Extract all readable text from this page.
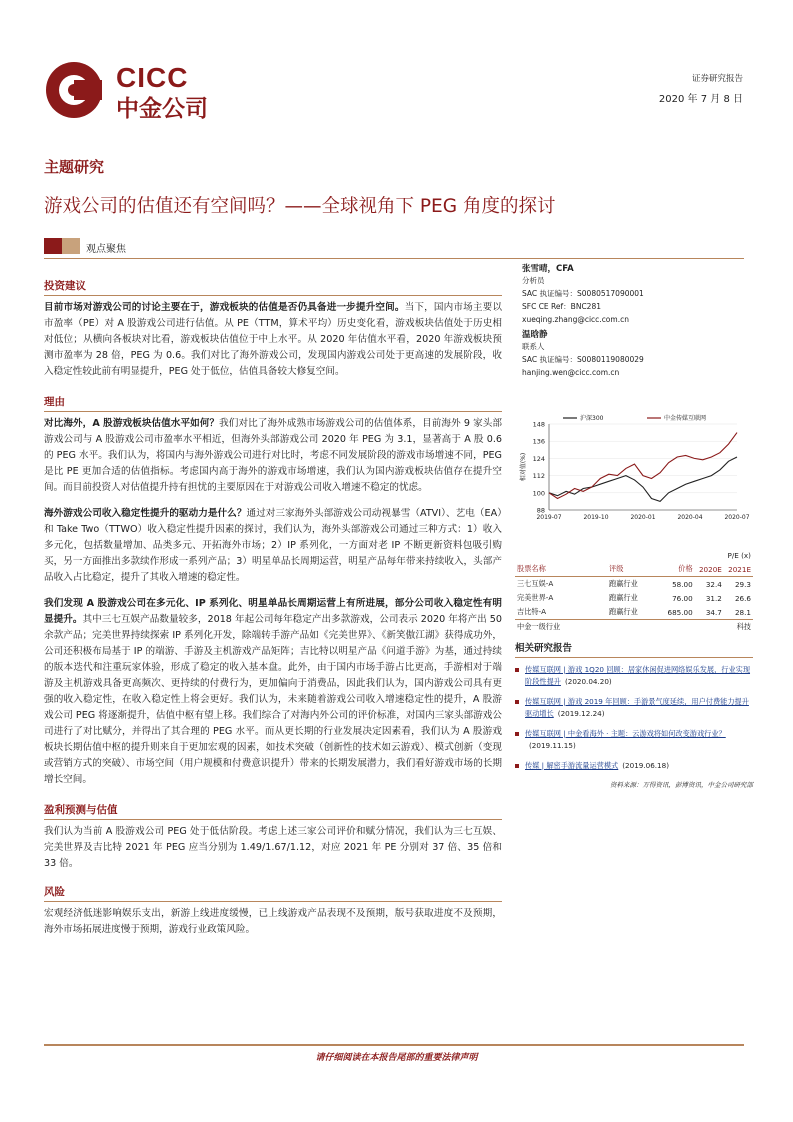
CICC
中金公司
证券研究报告
2020 年 7 月 8 日
主题研究
游戏公司的估值还有空间吗？——全球视角下 PEG 角度的探讨
观点聚焦
投资建议
目前市场对游戏公司的讨论主要在于，游戏板块的估值是否仍具备进一步提升空间。当下，国内市场主要以市盈率（PE）对 A 股游戏公司进行估值。从 PE（TTM，算术平均）历史变化看，游戏板块估值处于历史相对低位；从横向各板块对比看，游戏板块估值位于中上水平。从 2020 年估值水平看，2020 年游戏板块预测市盈率为 28 倍，PEG 为 0.6。我们对比了海外游戏公司，发现国内游戏公司处于更高速的发展阶段，收入稳定性较此前有明显提升，PEG 处于低位，估值具备较大修复空间。
理由
对比海外，A 股游戏板块估值水平如何？我们对比了海外成熟市场游戏公司的估值体系，目前海外 9 家头部游戏公司与 A 股游戏公司市盈率水平相近，但海外头部游戏公司 2020 年 PEG 为 3.1，显著高于 A 股 0.6 的 PEG 水平。我们认为，将国内与海外游戏公司进行对比时，考虑不同发展阶段的游戏市场增速不同，PEG 是比 PE 更加合适的估值指标。考虑国内高于海外的游戏市场增速，我们认为国内游戏板块估值存在提升空间。而目前投资人对估值提升持有担忧的主要原因在于对游戏公司收入增速不稳定的忧虑。
海外游戏公司收入稳定性提升的驱动力是什么？通过对三家海外头部游戏公司动视暴雪（ATVI）、艺电（EA）和 Take Two（TTWO）收入稳定性提升因素的探讨，我们认为，海外头部游戏公司通过三种方式：1）收入多元化，包括数量增加、品类多元、开拓海外市场；2）IP 系列化，一方面对老 IP 不断更新资料包吸引购买，另一方面推出多款续作形成一系列产品；3）明星单品长周期运营，明星产品每年带来持续收入，头部产品收入占比稳定，提升了其收入增速的稳定性。
我们发现 A 股游戏公司在多元化、IP 系列化、明星单品长周期运营上有所进展，部分公司收入稳定性有明显提升。其中三七互娱产品数量较多，2018 年起公司每年稳定产出多款游戏，公司表示 2020 年将产出 50 余款产品；完美世界持续探索 IP 系列化开发，除端转手游产品如《完美世界》、《新笑傲江湖》获得成功外，公司还积极布局基于 IP 的端游、手游及主机游戏产品矩阵；吉比特以明星产品《问道手游》为基，通过持续的版本迭代和注重玩家体验，形成了稳定的收入基本盘。此外，由于国内市场手游占比更高，手游相对于端游及主机游戏具备更高频次、更持续的付费行为，更加偏向于消费品，因此我们认为，国内游戏公司具有更强的收入稳定性，在收入稳定性上将会更好。我们认为，未来随着游戏公司收入增速稳定性的提升，A 股游戏公司 PEG 将逐渐提升，估值中枢有望上移。我们综合了对海内外公司的评价标准，对国内三家头部游戏公司进行了对比赋分，并得出了其合理的 PEG 水平。而从更长期的行业发展决定因素看，我们认为 A 股游戏板块长期估值中枢的提升则来自于更加宏观的因素，如技术突破（创新性的技术如云游戏）、模式创新（变现或营销方式的突破）、市场空间（用户规模和付费意识提升）带来的长期发展潜力，我们看好游戏市场的长期增长空间。
盈利预测与估值
我们认为当前 A 股游戏公司 PEG 处于低估阶段。考虑上述三家公司评价和赋分情况，我们认为三七互娱、完美世界及吉比特 2021 年 PEG 应当分别为 1.49/1.67/1.12，对应 2021 年 PE 分别对 37 倍、35 倍和 33 倍。
风险
宏观经济低迷影响娱乐支出，新游上线进度缓慢，已上线游戏产品表现不及预期，版号获取进度不及预期，海外市场拓展进度慢于预期，游戏行业政策风险。
张雪晴，CFA
分析员
SAC 执证编号：S0080517090001
SFC CE Ref：BNC281
xueqing.zhang@cicc.com.cn
温晗静
联系人
SAC 执证编号：S0080119080029
hanjing.wen@cicc.com.cn
88
100
112
124
136
148
2019-07	2019-10	2020-01	2020-04	2020-07
相对值(%)
沪深300	中金传媒互联网
			P/E (x)	
股票名称	评级	价格	2020E	2021E
三七互娱-A	跑赢行业	58.00	32.4	29.3
完美世界-A	跑赢行业	76.00	31.2	26.6
吉比特-A	跑赢行业	685.00	34.7	28.1
中金一级行业				科技
相关研究报告
传媒互联网 | 游戏 1Q20 回顾：居家休闲促进网络娱乐发展，行业实现阶段性提升 (2020.04.20)
传媒互联网 | 游戏 2019 年回顾：手游景气度延续，用户付费能力提升驱动增长 (2019.12.24)
传媒互联网 | 中金看海外 · 主题：云游戏将如何改变游戏行业？(2019.11.15)
传媒 | 解密手游流量运营模式 (2019.06.18)
资料来源：万得资讯，彭博资讯，中金公司研究部
请仔细阅读在本报告尾部的重要法律声明
